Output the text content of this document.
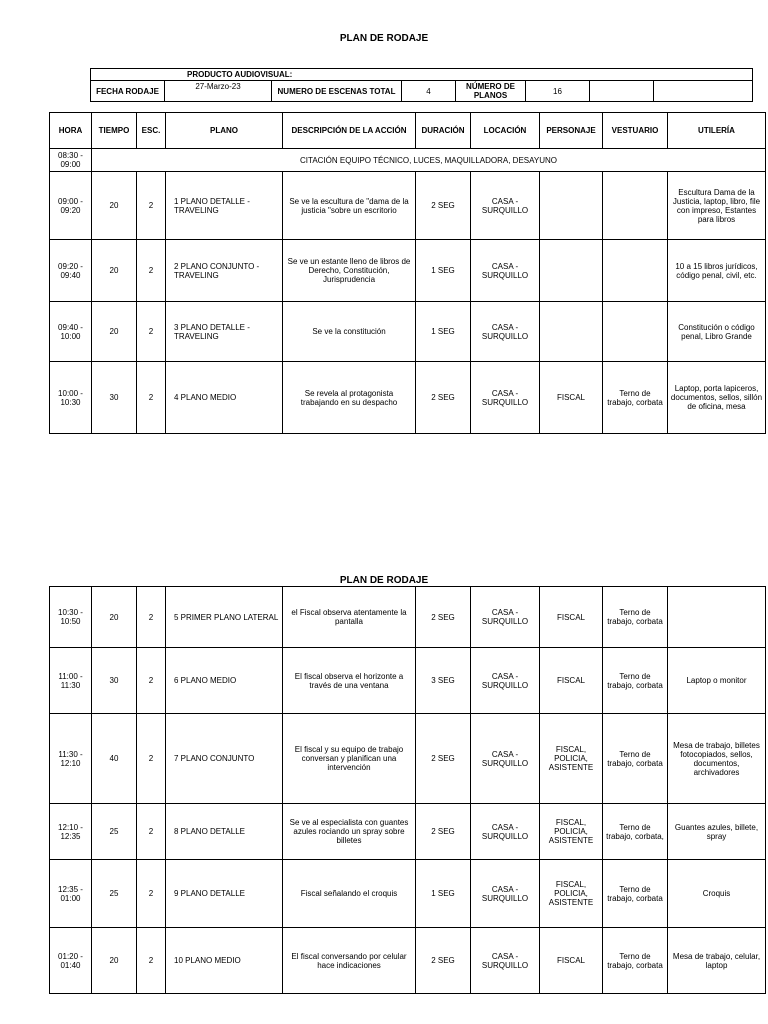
PLAN DE RODAJE
PRODUCTO AUDIOVISUAL:
FECHA RODAJE	27-Marzo-23	NUMERO DE ESCENAS TOTAL	4	NÚMERO DE PLANOS	16		
HORA	TIEMPO	ESC.	PLANO	DESCRIPCIÓN DE LA ACCIÓN	DURACIÓN	LOCACIÓN	PERSONAJE	VESTUARIO	UTILERÍA
08:30 - 09:00	CITACIÓN EQUIPO TÉCNICO, LUCES, MAQUILLADORA, DESAYUNO								
09:00 - 09:20	20	2	1 PLANO DETALLE - TRAVELING	Se ve la escultura de "dama de la justicia "sobre un escritorio	2 SEG	CASA - SURQUILLO			Escultura Dama de la Justicia, laptop, libro, file con impreso, Estantes para libros
09:20 - 09:40	20	2	2 PLANO CONJUNTO - TRAVELING	Se ve un estante lleno de libros de Derecho, Constitución, Jurisprudencia	1 SEG	CASA - SURQUILLO			10 a 15 libros jurídicos, código penal, civil, etc.
09:40 - 10:00	20	2	3 PLANO DETALLE - TRAVELING	Se ve la constitución	1 SEG	CASA - SURQUILLO			Constitución o código penal, Libro Grande
10:00 - 10:30	30	2	4 PLANO MEDIO	Se revela al protagonista trabajando en su despacho	2 SEG	CASA - SURQUILLO	FISCAL	Terno de trabajo, corbata	Laptop, porta lapiceros, documentos, sellos, sillón de oficina, mesa
PLAN DE RODAJE
10:30 - 10:50	20	2	5 PRIMER PLANO LATERAL	el Fiscal observa atentamente la pantalla	2 SEG	CASA - SURQUILLO	FISCAL	Terno de trabajo, corbata	
11:00 - 11:30	30	2	6 PLANO MEDIO	El fiscal observa el horizonte a través de una ventana	3 SEG	CASA - SURQUILLO	FISCAL	Terno de trabajo, corbata	Laptop o monitor
11:30 - 12:10	40	2	7 PLANO CONJUNTO	El fiscal y su equipo de trabajo conversan y planifican una intervención	2 SEG	CASA - SURQUILLO	FISCAL, POLICIA, ASISTENTE	Terno de trabajo, corbata	Mesa de trabajo, billetes fotocopiados, sellos, documentos, archivadores
12:10 - 12:35	25	2	8 PLANO DETALLE	Se ve al especialista con guantes azules rociando un spray sobre billetes	2 SEG	CASA - SURQUILLO	FISCAL, POLICIA, ASISTENTE	Terno de trabajo, corbata,	Guantes azules, billete, spray
12:35 - 01:00	25	2	9 PLANO DETALLE	Fiscal señalando el croquis	1 SEG	CASA - SURQUILLO	FISCAL, POLICIA, ASISTENTE	Terno de trabajo, corbata	Croquis
01:20 - 01:40	20	2	10 PLANO MEDIO	El fiscal conversando por celular hace indicaciones	2 SEG	CASA - SURQUILLO	FISCAL	Terno de trabajo, corbata	Mesa de trabajo, celular, laptop
